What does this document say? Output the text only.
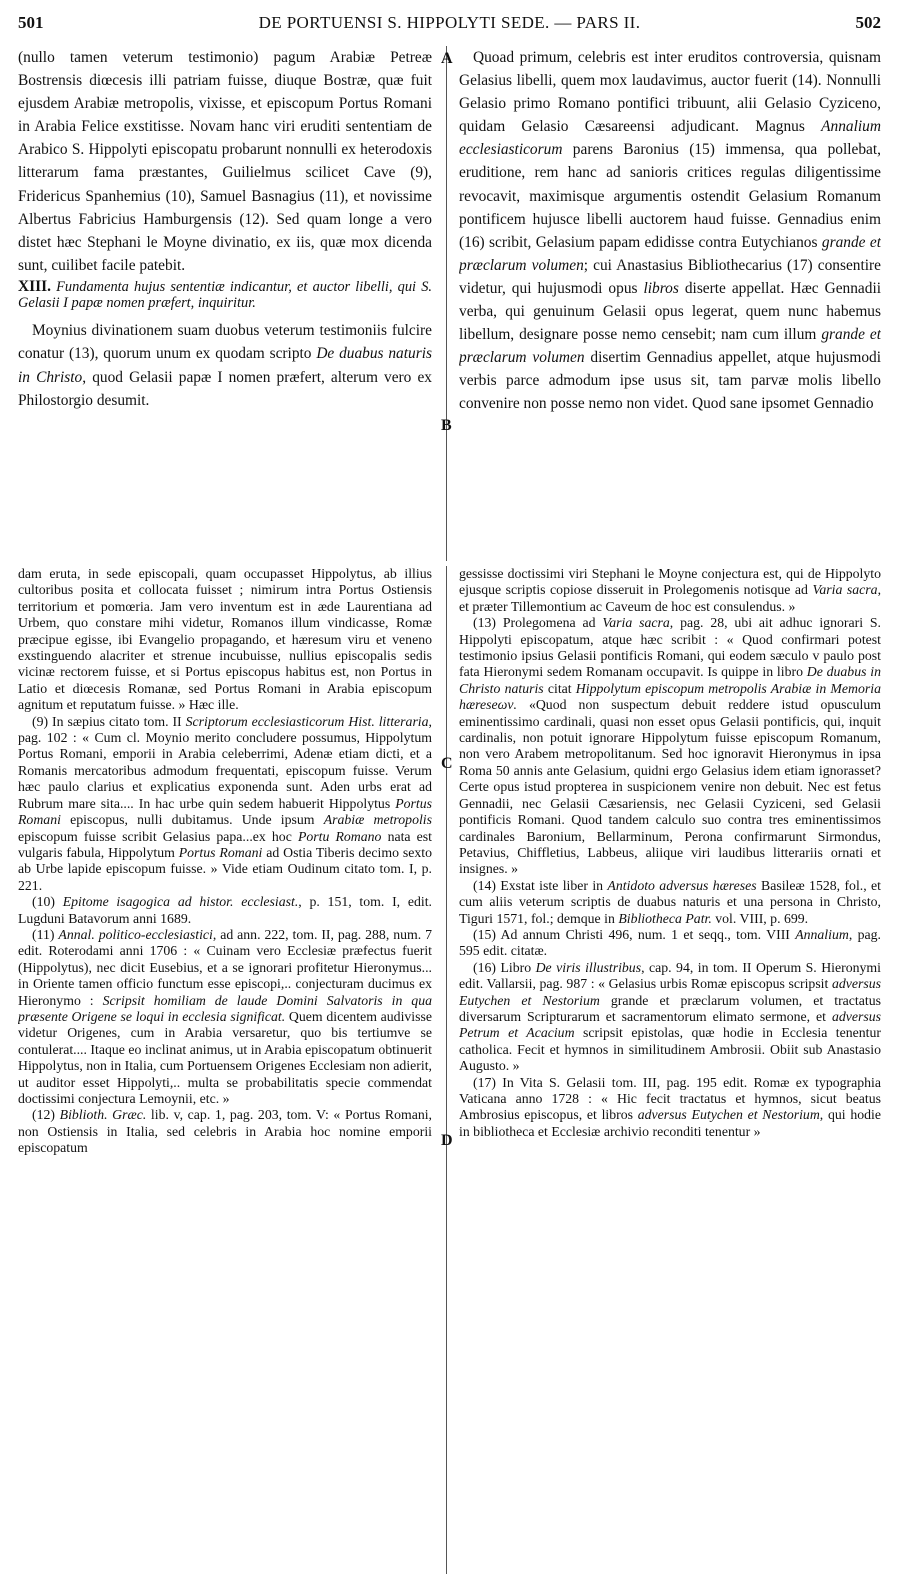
501	DE PORTUENSI S. HIPPOLYTI SEDE. — PARS II.	502
A
B
C
D

(nullo tamen veterum testimonio) pagum Arabiæ Petreæ Bostrensis diœcesis illi patriam fuisse, diuque Bostræ, quæ fuit ejusdem Arabiæ metropolis, vixisse, et episcopum Portus Romani in Arabia Felice exstitisse. Novam hanc viri eruditi sententiam de Arabico S. Hippolyti episcopatu probarunt nonnulli ex heterodoxis litterarum fama præstantes, Guilielmus scilicet Cave (9), Fridericus Spanhemius (10), Samuel Basnagius (11), et novissime Albertus Fabricius Hamburgensis (12). Sed quam longe a vero distet hæc Stephani le Moyne divinatio, ex iis, quæ mox dicenda sunt, cuilibet facile patebit.

XIII. Fundamenta hujus sententiæ indicantur, et auctor libelli, qui S. Gelasii I papæ nomen præfert, inquiritur.

Moynius divinationem suam duobus veterum testimoniis fulcire conatur (13), quorum unum ex quodam scripto De duabus naturis in Christo, quod Gelasii papæ I nomen præfert, alterum vero ex Philostorgio desumit.

Quoad primum, celebris est inter eruditos controversia, quisnam Gelasius libelli, quem mox laudavimus, auctor fuerit (14). Nonnulli Gelasio primo Romano pontifici tribuunt, alii Gelasio Cyziceno, quidam Gelasio Cæsareensi adjudicant. Magnus Annalium ecclesiasticorum parens Baronius (15) immensa, qua pollebat, eruditione, rem hanc ad sanioris critices regulas diligentissime revocavit, maximisque argumentis ostendit Gelasium Romanum pontificem hujusce libelli auctorem haud fuisse. Gennadius enim (16) scribit, Gelasium papam edidisse contra Eutychianos grande et præclarum volumen; cui Anastasius Bibliothecarius (17) consentire videtur, qui hujusmodi opus libros diserte appellat. Hæc Gennadii verba, qui genuinum Gelasii opus legerat, quem nunc habemus libellum, designare posse nemo censebit; nam cum illum grande et præclarum volumen disertim Gennadius appellet, atque hujusmodi verbis parce admodum ipse usus sit, tam parvæ molis libello convenire non posse nemo non videt. Quod sane ipsomet Gennadio

dam eruta, in sede episcopali, quam occupasset Hippolytus, ab illius cultoribus posita et collocata fuisset ; nimirum intra Portus Ostiensis territorium et pomœria. Jam vero inventum est in æde Laurentiana ad Urbem, quo constare mihi videtur, Romanos illum vindicasse, Romæ præcipue egisse, ibi Evangelio propagando, et hæresum viru et veneno exstinguendo alacriter et strenue incubuisse, nullius episcopalis sedis vicinæ rectorem fuisse, et si Portus episcopus habitus est, non Portus in Latio et diœcesis Romanæ, sed Portus Romani in Arabia episcopum agnitum et reputatum fuisse. » Hæc ille.

(9) In sæpius citato tom. II Scriptorum ecclesiasticorum Hist. litteraria, pag. 102 : « Cum cl. Moynio merito concludere possumus, Hippolytum Portus Romani, emporii in Arabia celeberrimi, Adenæ etiam dicti, et a Romanis mercatoribus admodum frequentati, episcopum fuisse. Verum hæc paulo clarius et explicatius exponenda sunt. Aden urbs erat ad Rubrum mare sita.... In hac urbe quin sedem habuerit Hippolytus Portus Romani episcopus, nulli dubitamus. Unde ipsum Arabiæ metropolis episcopum fuisse scribit Gelasius papa...ex hoc Portu Romano nata est vulgaris fabula, Hippolytum Portus Romani ad Ostia Tiberis decimo sexto ab Urbe lapide episcopum fuisse. » Vide etiam Oudinum citato tom. I, p. 221.

(10) Epitome isagogica ad histor. ecclesiast., p. 151, tom. I, edit. Lugduni Batavorum anni 1689.

(11) Annal. politico-ecclesiastici, ad ann. 222, tom. II, pag. 288, num. 7 edit. Roterodami anni 1706 : « Cuinam vero Ecclesiæ præfectus fuerit (Hippolytus), nec dicit Eusebius, et a se ignorari profitetur Hieronymus... in Oriente tamen officio functum esse episcopi,.. conjecturam ducimus ex Hieronymo : Scripsit homiliam de laude Domini Salvatoris in qua præsente Origene se loqui in ecclesia significat. Quem dicentem audivisse videtur Origenes, cum in Arabia versaretur, quo bis tertiumve se contulerat.... Itaque eo inclinat animus, ut in Arabia episcopatum obtinuerit Hippolytus, non in Italia, cum Portuensem Origenes Ecclesiam non adierit, ut auditor esset Hippolyti,.. multa se probabilitatis specie commendat doctissimi conjectura Lemoynii, etc. »

(12) Biblioth. Græc. lib. v, cap. 1, pag. 203, tom. V: « Portus Romani, non Ostiensis in Italia, sed celebris in Arabia hoc nomine emporii episcopatum

gessisse doctissimi viri Stephani le Moyne conjectura est, qui de Hippolyto ejusque scriptis copiose disseruit in Prolegomenis notisque ad Varia sacra, et præter Tillemontium ac Caveum de hoc est consulendus. »

(13) Prolegomena ad Varia sacra, pag. 28, ubi ait adhuc ignorari S. Hippolyti episcopatum, atque hæc scribit : « Quod confirmari potest testimonio ipsius Gelasii pontificis Romani, qui eodem sæculo v paulo post fata Hieronymi sedem Romanam occupavit. Is quippe in libro De duabus in Christo naturis citat Hippolytum episcopum metropolis Arabiæ in Memoria hæreseων. «Quod non suspectum debuit reddere istud opusculum eminentissimo cardinali, quasi non esset opus Gelasii pontificis, qui, inquit cardinalis, non potuit ignorare Hippolytum fuisse episcopum Romanum, non vero Arabem metropolitanum. Sed hoc ignoravit Hieronymus in ipsa Roma 50 annis ante Gelasium, quidni ergo Gelasius idem etiam ignorasset? Certe opus istud propterea in suspicionem venire non debuit. Nec est fetus Gennadii, nec Gelasii Cæsariensis, nec Gelasii Cyziceni, sed Gelasii pontificis Romani. Quod tandem calculo suo contra tres eminentissimos cardinales Baronium, Bellarminum, Perona confirmarunt Sirmondus, Petavius, Chiffletius, Labbeus, aliique viri laudibus litterariis ornati et insignes. »

(14) Exstat iste liber in Antidoto adversus hæreses Basileæ 1528, fol., et cum aliis veterum scriptis de duabus naturis et una persona in Christo, Tiguri 1571, fol.; demque in Bibliotheca Patr. vol. VIII, p. 699.

(15) Ad annum Christi 496, num. 1 et seqq., tom. VIII Annalium, pag. 595 edit. citatæ.

(16) Libro De viris illustribus, cap. 94, in tom. II Operum S. Hieronymi edit. Vallarsii, pag. 987 : « Gelasius urbis Romæ episcopus scripsit adversus Eutychen et Nestorium grande et præclarum volumen, et tractatus diversarum Scripturarum et sacramentorum elimato sermone, et adversus Petrum et Acacium scripsit epistolas, quæ hodie in Ecclesia tenentur catholica. Fecit et hymnos in similitudinem Ambrosii. Obiit sub Anastasio Augusto. »

(17) In Vita S. Gelasii tom. III, pag. 195 edit. Romæ ex typographia Vaticana anno 1728 : « Hic fecit tractatus et hymnos, sicut beatus Ambrosius episcopus, et libros adversus Eutychen et Nestorium, qui hodie in bibliotheca et Ecclesiæ archivio reconditi tenentur »
